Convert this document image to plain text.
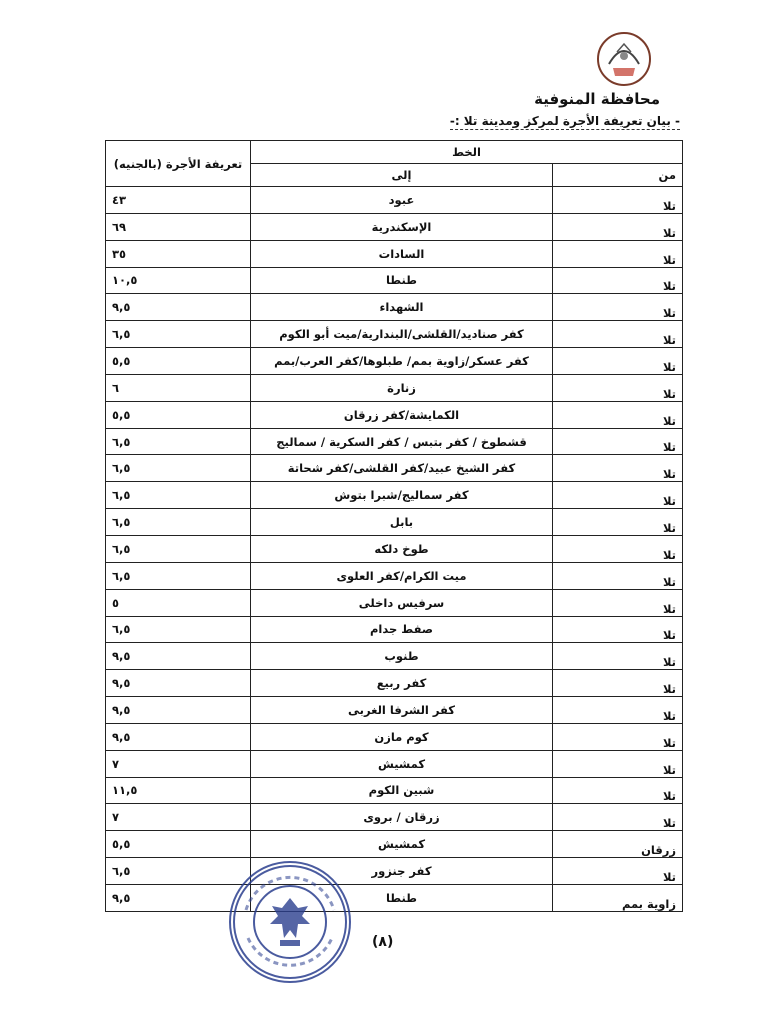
محافظة المنوفية
- بيان تعريفة الأجرة لمركز ومدينة تلا :-
الخط		تعريفة الأجرة (بالجنيه)
من	إلى	
تلا	عبود	٤٣
تلا	الإسكندرية	٦٩
تلا	السادات	٣٥
تلا	طنطا	١٠,٥
تلا	الشهداء	٩,٥
تلا	كفر صناديد/القلشى/البندارية/ميت أبو الكوم	٦,٥
تلا	كفر عسكر/زاوية بمم/ طبلوها/كفر العرب/بمم	٥,٥
تلا	زنارة	٦
تلا	الكمايشة/كفر زرقان	٥,٥
تلا	قشطوخ / كفر بتبس / كفر السكرية / سماليج	٦,٥
تلا	كفر الشيخ عبيد/كفر القلشى/كفر شحاتة	٦,٥
تلا	كفر سماليج/شبرا بتوش	٦,٥
تلا	بابل	٦,٥
تلا	طوخ دلكه	٦,٥
تلا	ميت الكرام/كفر العلوى	٦,٥
تلا	سرفيس داخلى	٥
تلا	صفط جدام	٦,٥
تلا	طنوب	٩,٥
تلا	كفر ربيع	٩,٥
تلا	كفر الشرفا الغربى	٩,٥
تلا	كوم مازن	٩,٥
تلا	كمشيش	٧
تلا	شبين الكوم	١١,٥
تلا	زرقان / بروى	٧
زرقان	كمشيش	٥,٥
تلا	كفر جنزور	٦,٥
زاوية بمم	طنطا	٩,٥
(٨)
